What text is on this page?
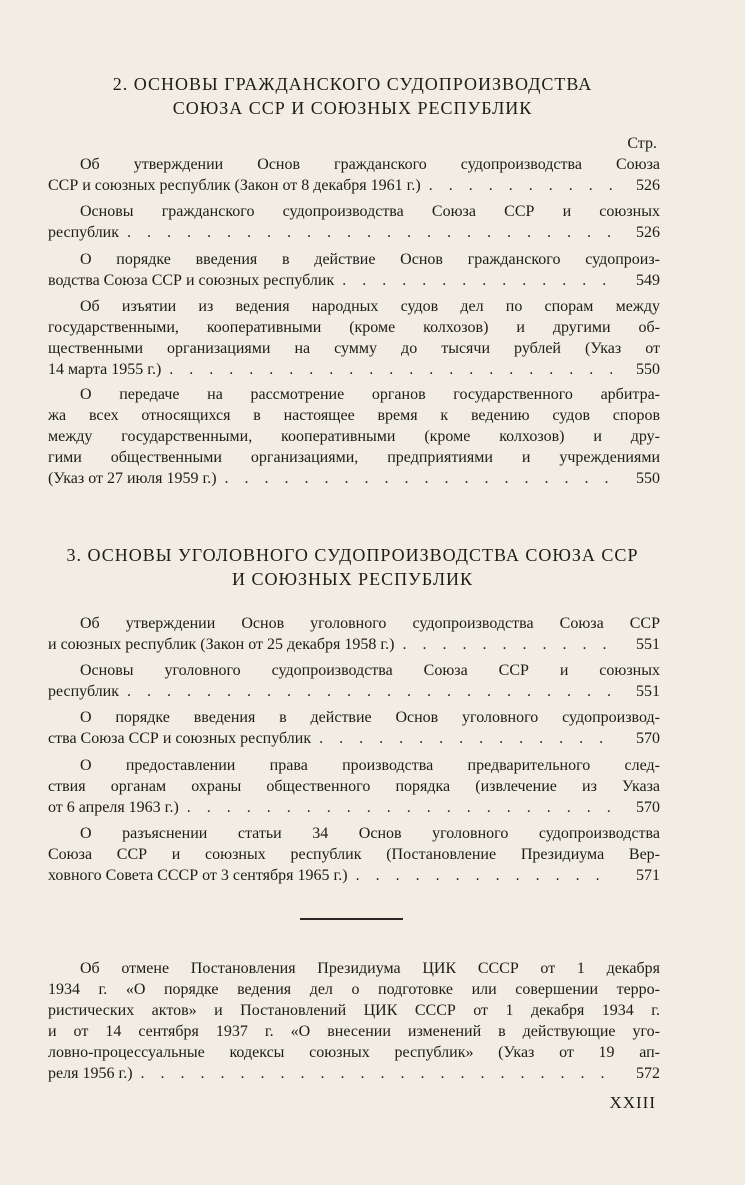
2. ОСНОВЫ ГРАЖДАНСКОГО СУДОПРОИЗВОДСТВА
СОЮЗА ССР И СОЮЗНЫХ РЕСПУБЛИК
Стр.
Об утверждении Основ гражданского судопроизводства Союза
ССР и союзных республик (Закон от 8 декабря 1961 г.) . . .	526
Основы гражданского судопроизводства Союза ССР и союзных
республик . . .	526
О порядке введения в действие Основ гражданского судопроиз-
водства Союза ССР и союзных республик . . .	549
Об изъятии из ведения народных судов дел по спорам между
государственными, кооперативными (кроме колхозов) и другими об-
щественными организациями на сумму до тысячи рублей (Указ от
14 марта 1955 г.) . . .	550
О передаче на рассмотрение органов государственного арбитра-
жа всех относящихся в настоящее время к ведению судов споров
между государственными, кооперативными (кроме колхозов) и дру-
гими общественными организациями, предприятиями и учреждениями
(Указ от 27 июля 1959 г.) . . .	550
3. ОСНОВЫ УГОЛОВНОГО СУДОПРОИЗВОДСТВА СОЮЗА ССР
И СОЮЗНЫХ РЕСПУБЛИК
Об утверждении Основ уголовного судопроизводства Союза ССР
и союзных республик (Закон от 25 декабря 1958 г.) . . .	551
Основы уголовного судопроизводства Союза ССР и союзных
республик . . .	551
О порядке введения в действие Основ уголовного судопроизвод-
ства Союза ССР и союзных республик . . .	570
О предоставлении права производства предварительного след-
ствия органам охраны общественного порядка (извлечение из Указа
от 6 апреля 1963 г.) . . .	570
О разъяснении статьи 34 Основ уголовного судопроизводства
Союза ССР и союзных республик (Постановление Президиума Вер-
ховного Совета СССР от 3 сентября 1965 г.) . . .	571
Об отмене Постановления Президиума ЦИК СССР от 1 декабря
1934 г. «О порядке ведения дел о подготовке или совершении терро-
ристических актов» и Постановлений ЦИК СССР от 1 декабря 1934 г.
и от 14 сентября 1937 г. «О внесении изменений в действующие уго-
ловно-процессуальные кодексы союзных республик» (Указ от 19 ап-
реля 1956 г.) . . .	572
XXIII
